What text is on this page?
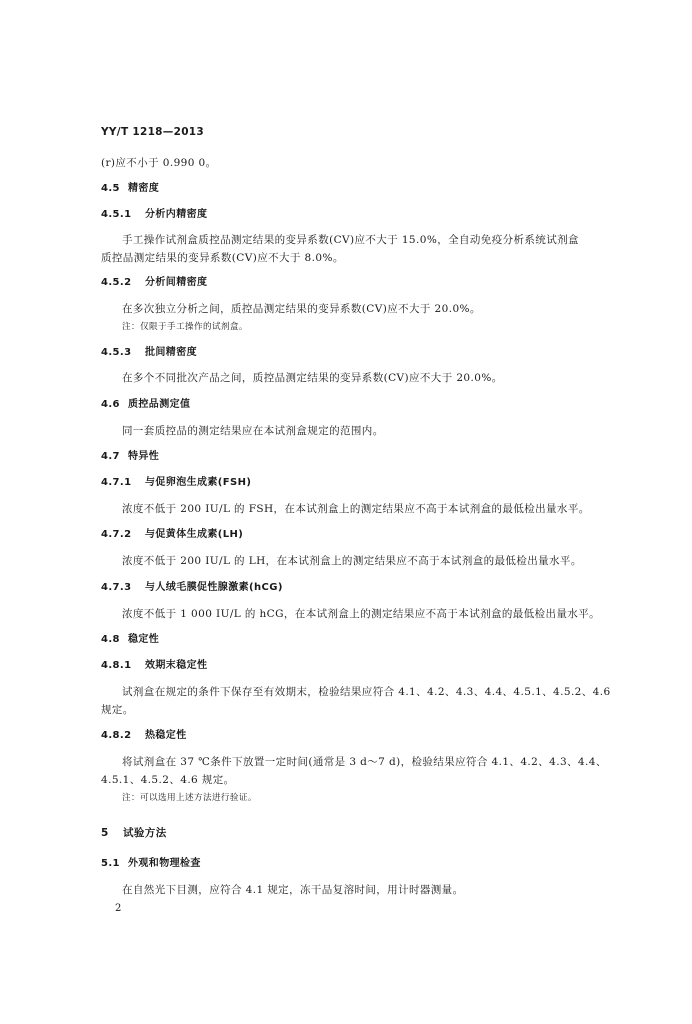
YY/T 1218—2013
(r)应不小于 0.990 0。
4.5 精密度
4.5.1 分析内精密度
手工操作试剂盒质控品测定结果的变异系数(CV)应不大于 15.0%，全自动免疫分析系统试剂盒
质控品测定结果的变异系数(CV)应不大于 8.0%。
4.5.2 分析间精密度
在多次独立分析之间，质控品测定结果的变异系数(CV)应不大于 20.0%。
注：仅限于手工操作的试剂盒。
4.5.3 批间精密度
在多个不同批次产品之间，质控品测定结果的变异系数(CV)应不大于 20.0%。
4.6 质控品测定值
同一套质控品的测定结果应在本试剂盒规定的范围内。
4.7 特异性
4.7.1 与促卵泡生成素(FSH)
浓度不低于 200 IU/L 的 FSH，在本试剂盒上的测定结果应不高于本试剂盒的最低检出量水平。
4.7.2 与促黄体生成素(LH)
浓度不低于 200 IU/L 的 LH，在本试剂盒上的测定结果应不高于本试剂盒的最低检出量水平。
4.7.3 与人绒毛膜促性腺激素(hCG)
浓度不低于 1 000 IU/L 的 hCG，在本试剂盒上的测定结果应不高于本试剂盒的最低检出量水平。
4.8 稳定性
4.8.1 效期末稳定性
试剂盒在规定的条件下保存至有效期末，检验结果应符合 4.1、4.2、4.3、4.4、4.5.1、4.5.2、4.6
规定。
4.8.2 热稳定性
将试剂盒在 37 ℃条件下放置一定时间(通常是 3 d～7 d)，检验结果应符合 4.1、4.2、4.3、4.4、
4.5.1、4.5.2、4.6 规定。
注：可以选用上述方法进行验证。
5 试验方法
5.1 外观和物理检查
在自然光下目测，应符合 4.1 规定，冻干品复溶时间，用计时器测量。
2
